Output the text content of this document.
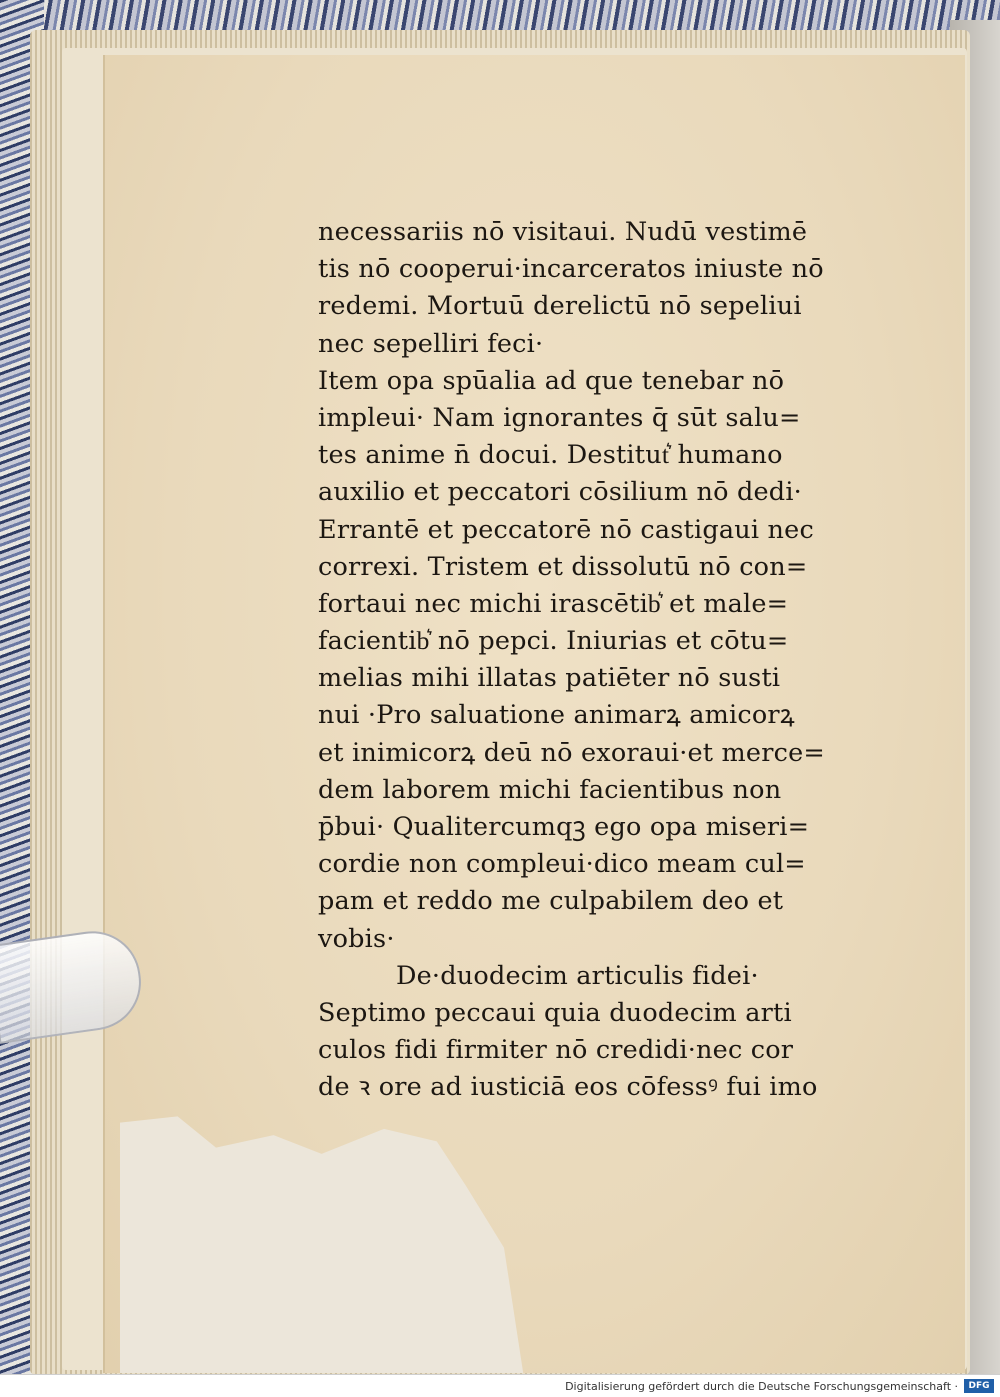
necessariis nō visitaui. Nudū vestimē
tis nō cooperui·incarceratos iniuste nō
redemi. Mortuū derelictū nō sepeliui
nec sepelliri feci·
Item opa spūalia ad que tenebar nō
impleui· Nam ignorantes q̄ sūt salu=
tes anime n̄ docui. Destitut͛ humano
auxilio et peccatori cōsilium nō dedi·
Errantē et peccatorē nō castigaui nec
correxi. Tristem et dissolutū nō con=
fortaui nec michi irascētib͛ et male=
facientib͛ nō pepci. Iniurias et cōtu=
melias mihi illatas patiēter nō susti
nui ·Pro saluatione animarꝝ amicorꝝ
et inimicorꝝ deū nō exoraui·et merce=
dem laborem michi facientibus non
p̄bui· Qualitercumqꝫ ego opa miseri=
cordie non compleui·dico meam cul=
pam et reddo me culpabilem deo et
vobis·
De·duodecim articulis fidei·
Septimo peccaui quia duodecim arti
culos fidi firmiter nō credidi·nec cor
de ꝛ ore ad iusticiā eos cōfessꝰ fui imo
Digitalisierung gefördert durch die Deutsche Forschungsgemeinschaft ·	DFG
